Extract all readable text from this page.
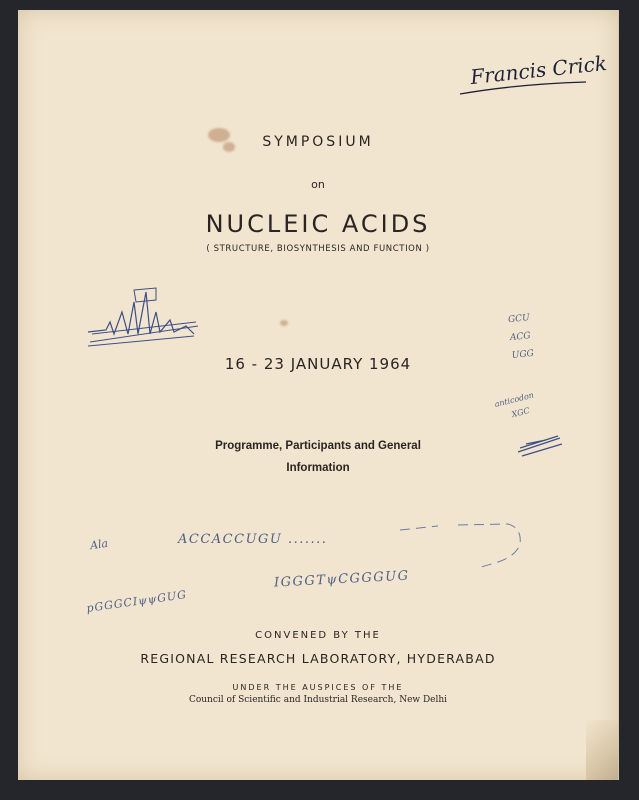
SYMPOSIUM

on

NUCLEIC ACIDS

( STRUCTURE, BIOSYNTHESIS AND FUNCTION )

16 - 23 JANUARY 1964

Programme, Participants and General
Information

CONVENED BY THE

REGIONAL RESEARCH LABORATORY, HYDERABAD

UNDER THE AUSPICES OF THE

Council of Scientific and Industrial Research, New Delhi

Francis Crick

Ala	ACCACCUGU .......

IGGGTψCGGGUG

pGGGCIψψGUG

GCU
ACG
UGG
anticodon
XGC
